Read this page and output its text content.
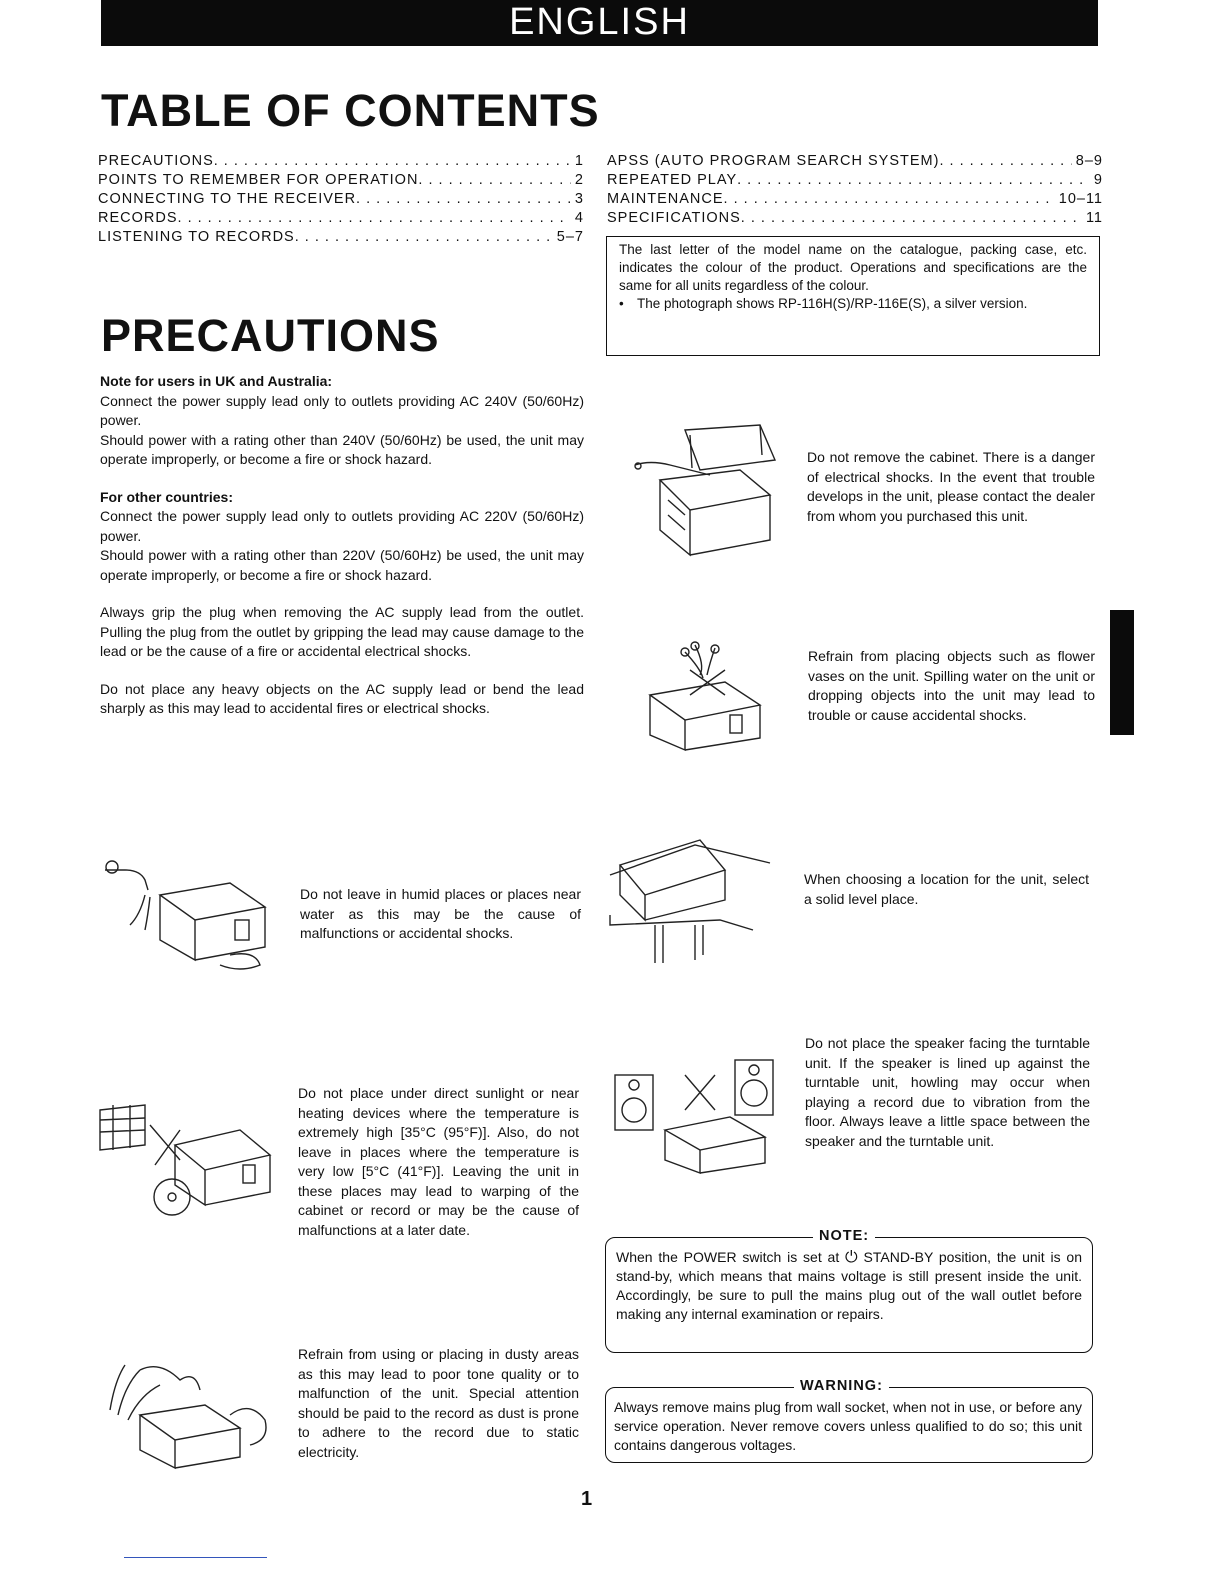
ENGLISH
TABLE OF CONTENTS
PRECAUTIONS . . .	1
POINTS TO REMEMBER FOR OPERATION . . .	2
CONNECTING TO THE RECEIVER . . .	3
RECORDS . . .	4
LISTENING TO RECORDS . . .	5–7
APSS (AUTO PROGRAM SEARCH SYSTEM) . . .	8–9
REPEATED PLAY . . .	9
MAINTENANCE . . .	10–11
SPECIFICATIONS . . .	11
The last letter of the model name on the catalogue, packing case, etc. indicates the colour of the product. Operations and specifications are the same for all units regardless of the colour.
• The photograph shows RP-116H(S)/RP-116E(S), a silver version.
PRECAUTIONS
Note for users in UK and Australia:
Connect the power supply lead only to outlets providing AC 240V (50/60Hz) power.
Should power with a rating other than 240V (50/60Hz) be used, the unit may operate improperly, or become a fire or shock hazard.
For other countries:
Connect the power supply lead only to outlets providing AC 220V (50/60Hz) power.
Should power with a rating other than 220V (50/60Hz) be used, the unit may operate improperly, or become a fire or shock hazard.
Always grip the plug when removing the AC supply lead from the outlet. Pulling the plug from the outlet by gripping the lead may cause damage to the lead or be the cause of a fire or accidental electrical shocks.
Do not place any heavy objects on the AC supply lead or bend the lead sharply as this may lead to accidental fires or electrical shocks.
Do not remove the cabinet. There is a danger of electrical shocks. In the event that trouble develops in the unit, please contact the dealer from whom you purchased this unit.
Refrain from placing objects such as flower vases on the unit. Spilling water on the unit or dropping objects into the unit may lead to trouble or cause accidental shocks.
Do not leave in humid places or places near water as this may be the cause of malfunctions or accidental shocks.
When choosing a location for the unit, select a solid level place.
Do not place under direct sunlight or near heating devices where the temperature is extremely high [35°C (95°F)]. Also, do not leave in places where the temperature is very low [5°C (41°F)]. Leaving the unit in these places may lead to warping of the cabinet or record or may be the cause of malfunctions at a later date.
Do not place the speaker facing the turntable unit. If the speaker is lined up against the turntable unit, howling may occur when playing a record due to vibration from the floor. Always leave a little space between the speaker and the turntable unit.
Refrain from using or placing in dusty areas as this may lead to poor tone quality or to malfunction of the unit. Special attention should be paid to the record as dust is prone to adhere to the record due to static electricity.
NOTE:
When the POWER switch is set at ⏻ STAND-BY position, the unit is on stand-by, which means that mains voltage is still present inside the unit. Accordingly, be sure to pull the mains plug out of the wall outlet before making any internal examination or repairs.
WARNING:
Always remove mains plug from wall socket, when not in use, or before any service operation. Never remove covers unless qualified to do so; this unit contains dangerous voltages.
1
